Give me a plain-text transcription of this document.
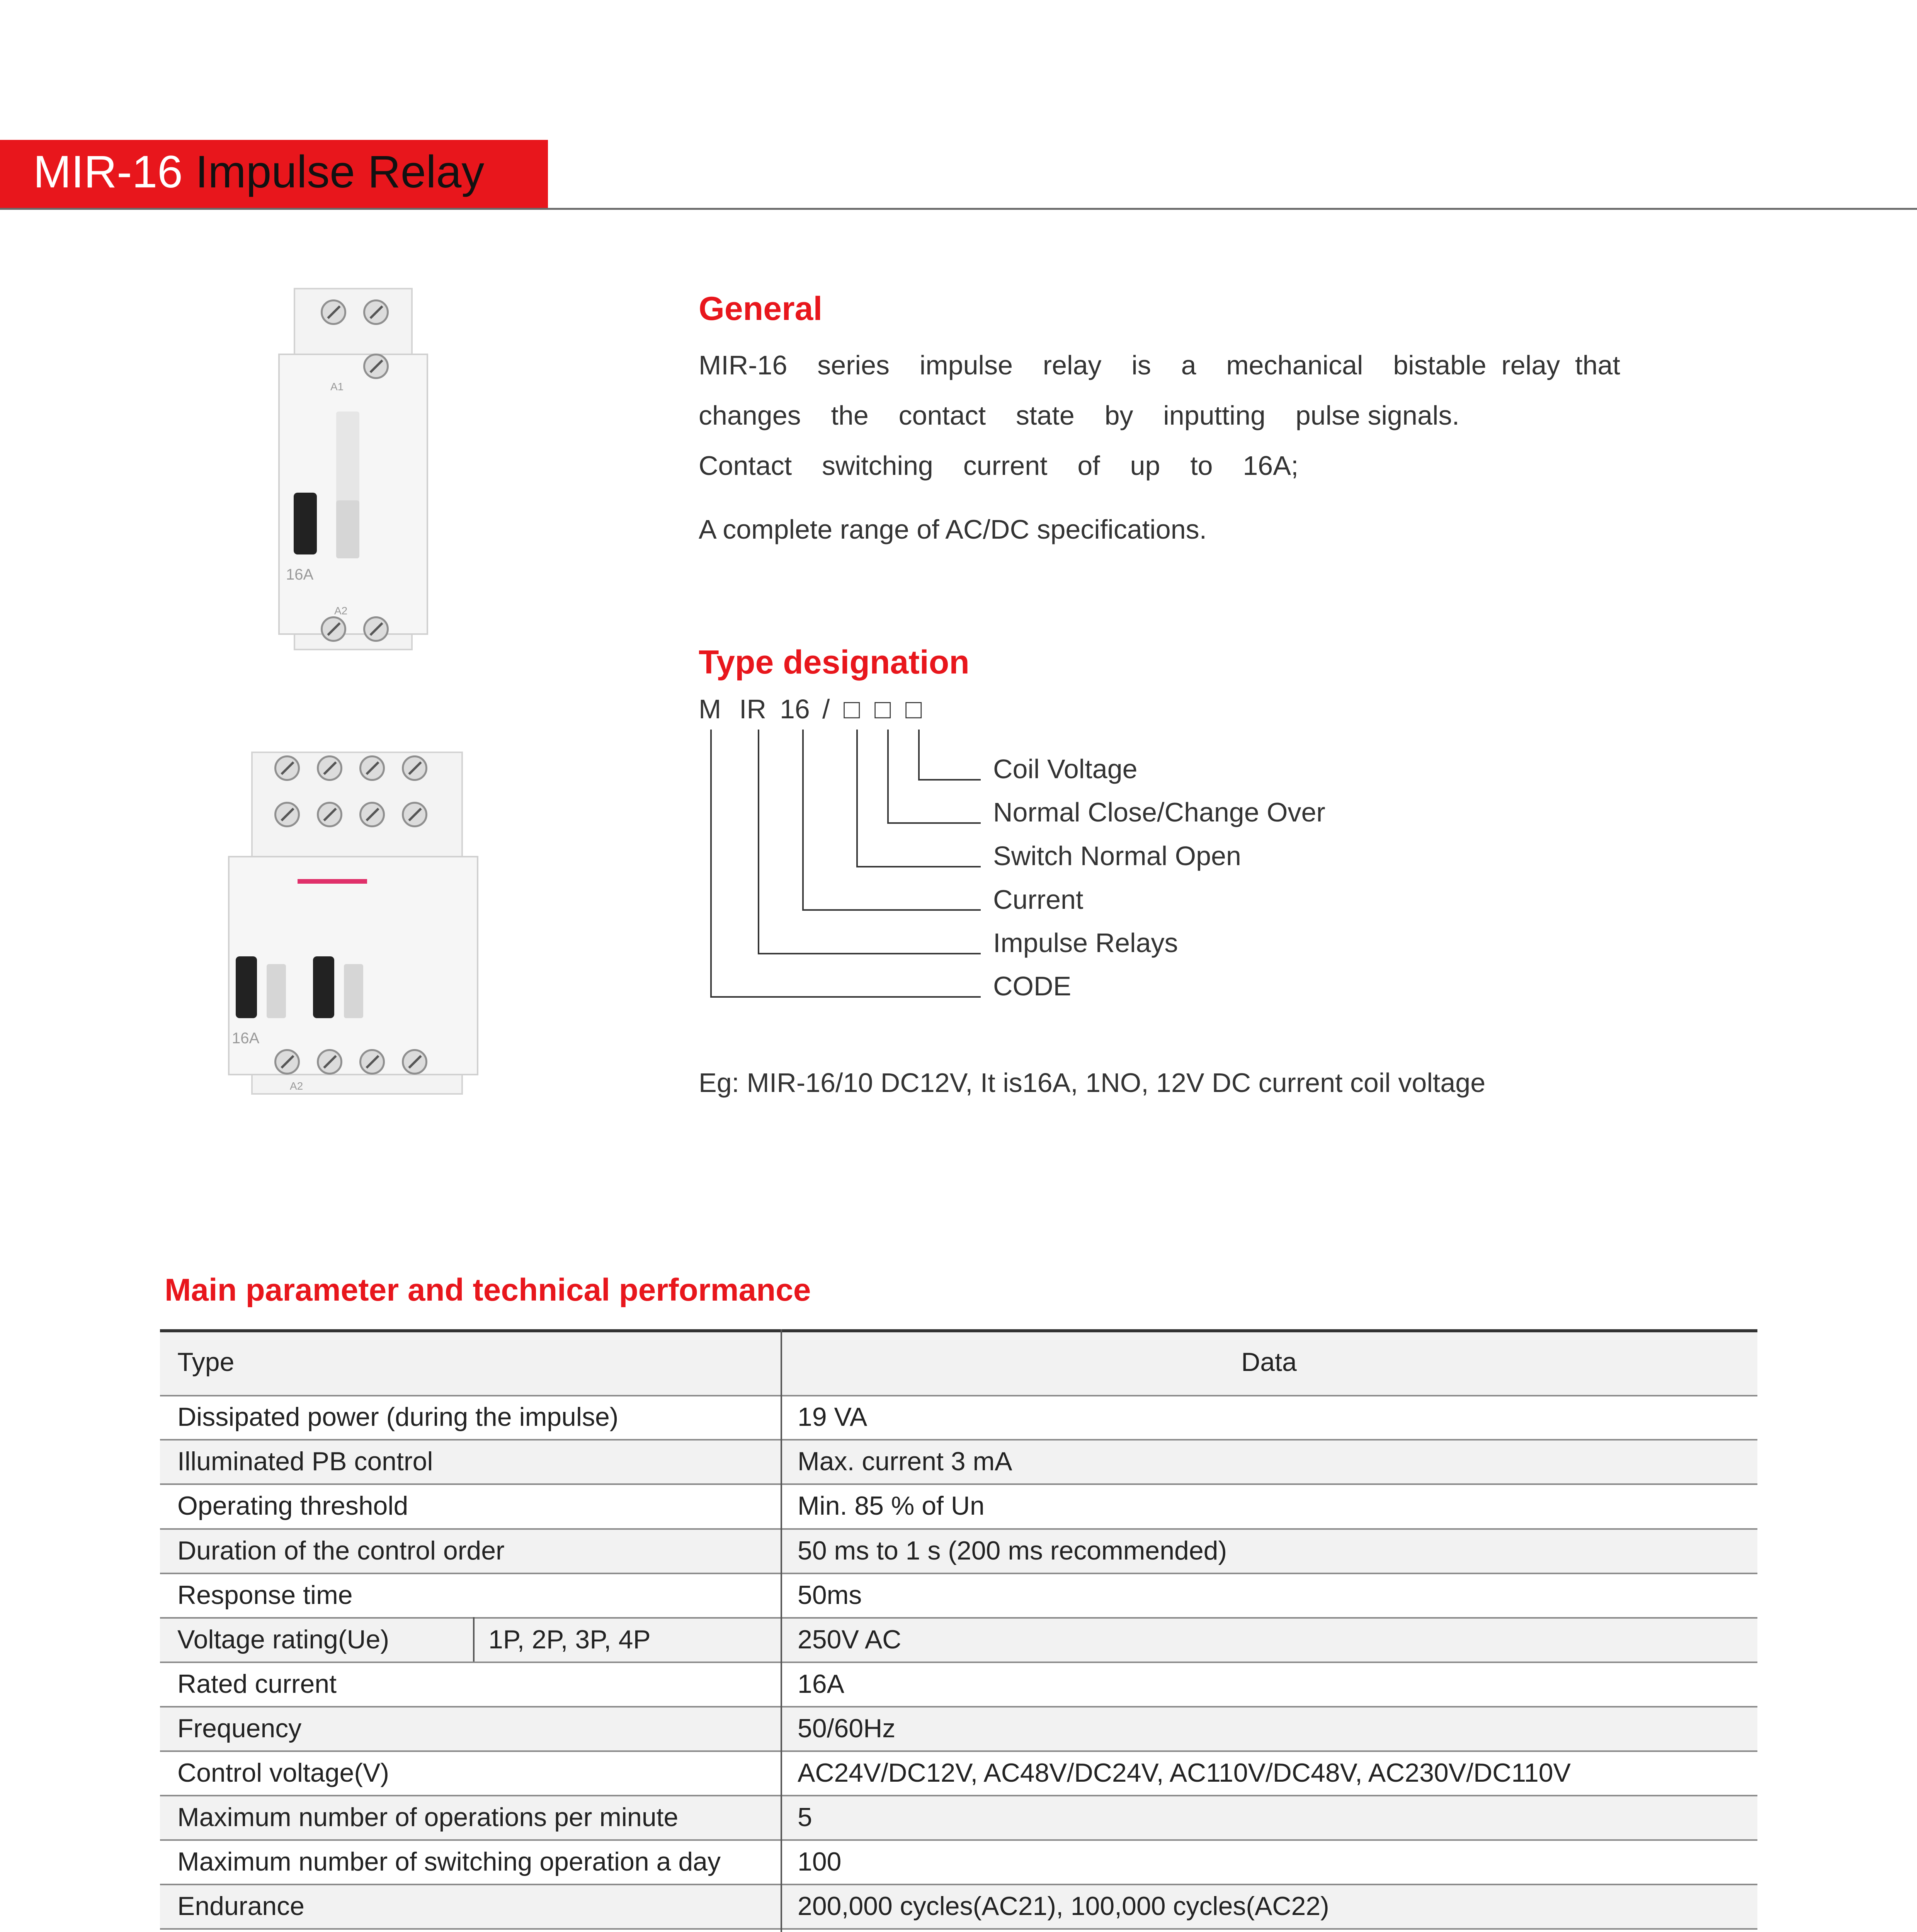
MIR-16 Impulse Relay
A1
16A
A2
16A
A2
General
MIR-16    series    impulse    relay    is    a    mechanical    bistable  relay  that
changes    the    contact    state    by    inputting    pulse signals.
Contact    switching    current    of    up    to    16A;
A complete range of AC/DC specifications.
Type designation
M IR 16 / □ □ □
Coil Voltage
Normal Close/Change Over
Switch Normal Open
Current
Impulse Relays
CODE
Eg: MIR-16/10 DC12V, It is16A, 1NO, 12V DC current coil voltage
Main parameter and technical performance
Type	Data
Dissipated power (during the impulse)	19 VA
Illuminated PB control	Max. current 3 mA
Operating threshold	Min. 85 % of Un
Duration of the control order	50 ms to 1 s (200 ms recommended)
Response time	50ms
Voltage rating(Ue)	1P, 2P, 3P, 4P	250V AC
Rated current	16A
Frequency	50/60Hz
Control voltage(V)	AC24V/DC12V, AC48V/DC24V, AC110V/DC48V, AC230V/DC110V
Maximum number of operations per minute	5
Maximum number of switching operation a day	100
Endurance	200,000 cycles(AC21), 100,000 cycles(AC22)
